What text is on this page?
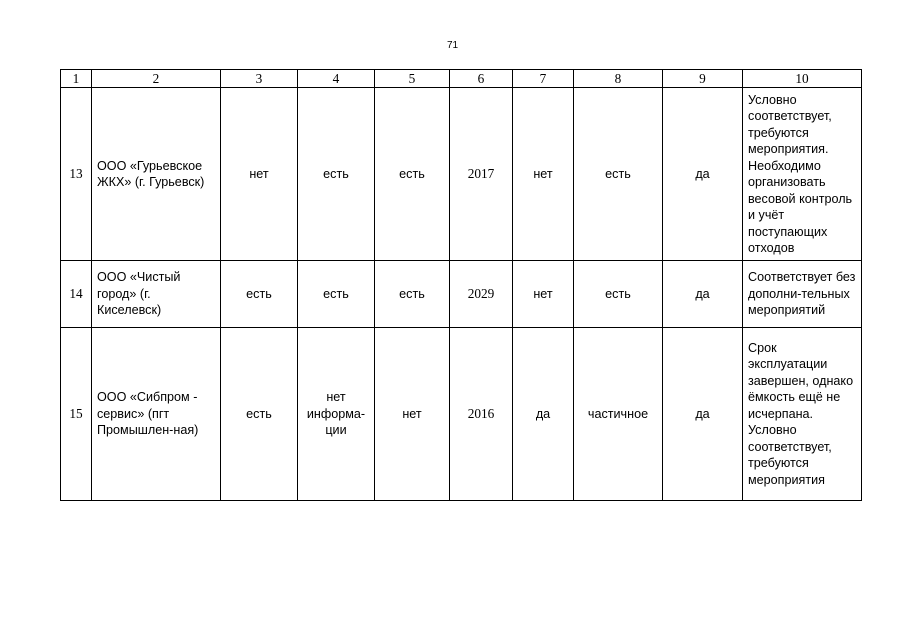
71
1	2	3	4	5	6	7	8	9	10
13	ООО «Гурьевское ЖКХ» (г. Гурьевск)	нет	есть	есть	2017	нет	есть	да	Условно соответствует, требуются мероприятия. Необходимо организовать весовой контроль и учёт поступающих отходов
14	ООО «Чистый город» (г. Киселевск)	есть	есть	есть	2029	нет	есть	да	Соответствует без дополни-тельных мероприятий
15	ООО «Сибпром - сервис» (пгт Промышлен-ная)	есть	нет информа-ции	нет	2016	да	частичное	да	Срок эксплуатации завершен, однако ёмкость ещё не исчерпана. Условно соответствует, требуются мероприятия
